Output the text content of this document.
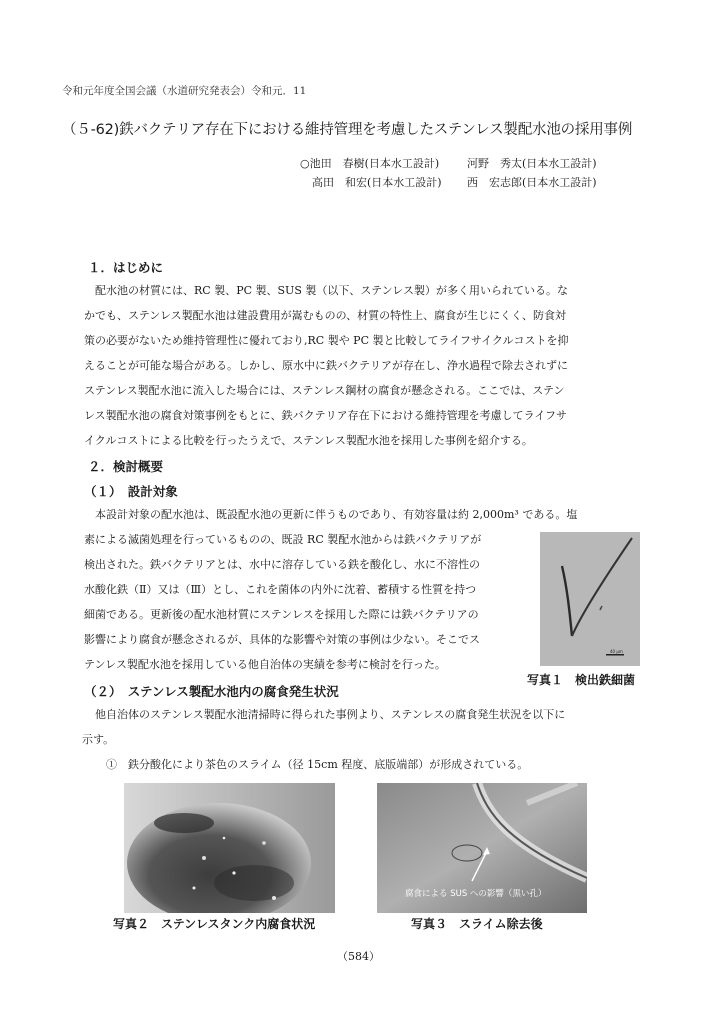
令和元年度全国会議（水道研究発表会）令和元．11
（５-62)鉄バクテリア存在下における維持管理を考慮したステンレス製配水池の採用事例
○池田　春樹(日本水工設計)	河野　秀太(日本水工設計)
高田　和宏(日本水工設計)	西　宏志郎(日本水工設計)
１．はじめに

　配水池の材質には、RC 製、PC 製、SUS 製（以下、ステンレス製）が多く用いられている。な

かでも、ステンレス製配水池は建設費用が嵩むものの、材質の特性上、腐食が生じにくく、防食対

策の必要がないため維持管理性に優れており,RC 製や PC 製と比較してライフサイクルコストを抑

えることが可能な場合がある。しかし、原水中に鉄バクテリアが存在し、浄水過程で除去されずに

ステンレス製配水池に流入した場合には、ステンレス鋼材の腐食が懸念される。ここでは、ステン

レス製配水池の腐食対策事例をもとに、鉄バクテリア存在下における維持管理を考慮してライフサ

イクルコストによる比較を行ったうえで、ステンレス製配水池を採用した事例を紹介する。

２．検討概要
（１）　設計対象

　本設計対象の配水池は、既設配水池の更新に伴うものであり、有効容量は約 2,000m³ である。塩

素による滅菌処理を行っているものの、既設 RC 製配水池からは鉄バクテリアが

検出された。鉄バクテリアとは、水中に溶存している鉄を酸化し、水に不溶性の

水酸化鉄（Ⅱ）又は（Ⅲ）とし、これを菌体の内外に沈着、蓄積する性質を持つ

細菌である。更新後の配水池材質にステンレスを採用した際には鉄バクテリアの

影響により腐食が懸念されるが、具体的な影響や対策の事例は少ない。そこでス

テンレス製配水池を採用している他自治体の実績を参考に検討を行った。

40 µm
写真１　検出鉄細菌
（２）　ステンレス製配水池内の腐食発生状況

　他自治体のステンレス製配水池清掃時に得られた事例より、ステンレスの腐食発生状況を以下に

示す。

　　①　鉄分酸化により茶色のスライム（径 15cm 程度、底版端部）が形成されている。

写真２　ステンレスタンク内腐食状況
腐食による SUS への影響（黒い孔）
写真３　スライム除去後
（584）
